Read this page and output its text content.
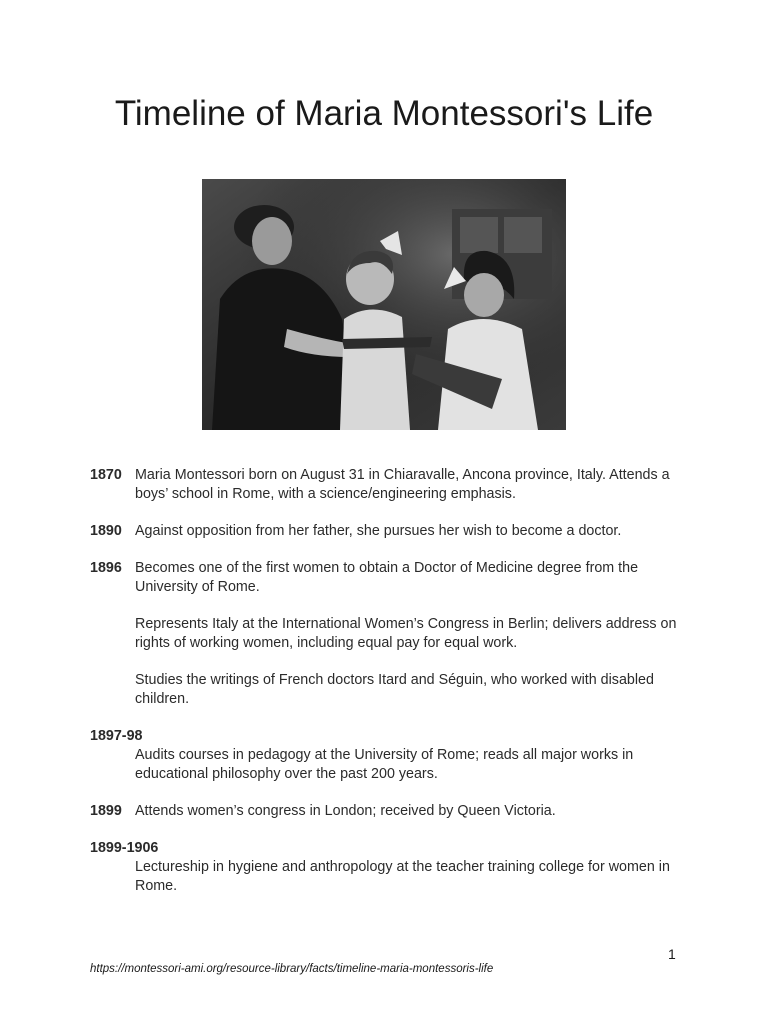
Timeline of Maria Montessori's Life
1870 Maria Montessori born on August 31 in Chiaravalle, Ancona province, Italy. Attends a boys’ school in Rome, with a science/engineering emphasis.
1890 Against opposition from her father, she pursues her wish to become a doctor.
1896 Becomes one of the first women to obtain a Doctor of Medicine degree from the University of Rome.
Represents Italy at the International Women’s Congress in Berlin; delivers address on rights of working women, including equal pay for equal work.
Studies the writings of French doctors Itard and Séguin, who worked with disabled children.
1897-98
Audits courses in pedagogy at the University of Rome; reads all major works in educational philosophy over the past 200 years.
1899 Attends women’s congress in London; received by Queen Victoria.
1899-1906
Lectureship in hygiene and anthropology at the teacher training college for women in Rome.
1
https://montessori-ami.org/resource-library/facts/timeline-maria-montessoris-life
